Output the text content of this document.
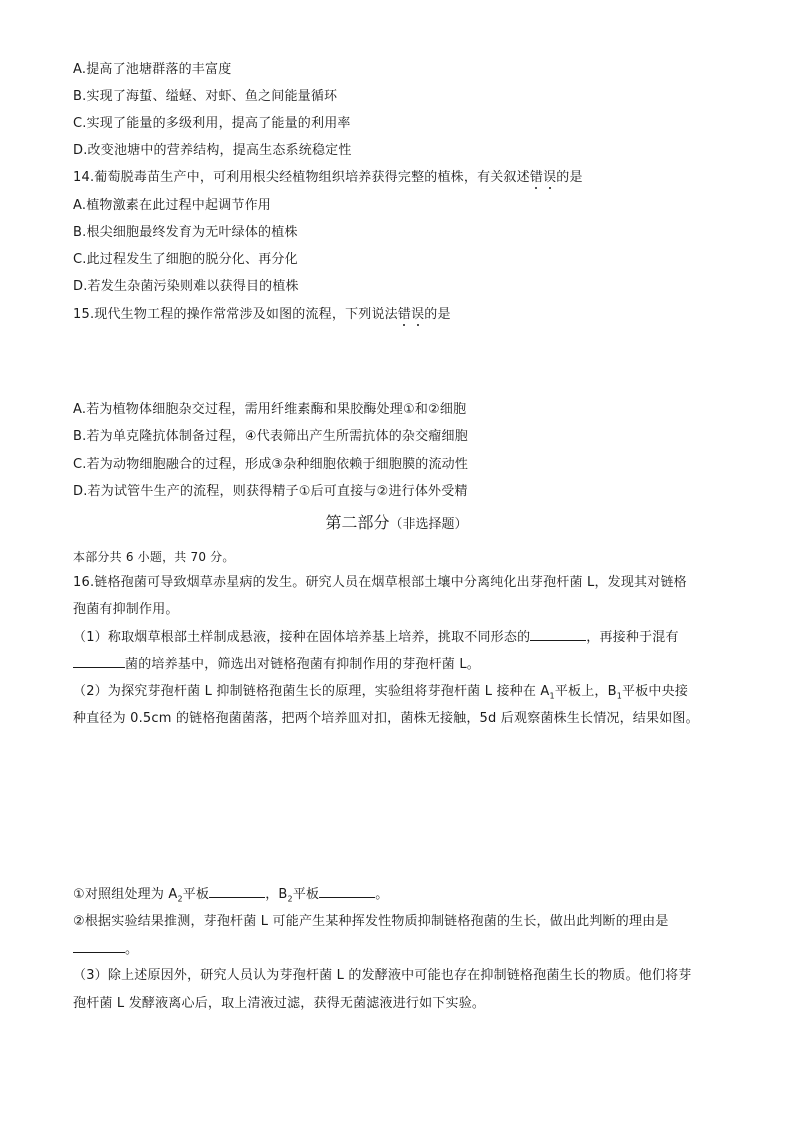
A.提高了池塘群落的丰富度
B.实现了海蜇、缢蛏、对虾、鱼之间能量循环
C.实现了能量的多级利用，提高了能量的利用率
D.改变池塘中的营养结构，提高生态系统稳定性
14.葡萄脱毒苗生产中，可利用根尖经植物组织培养获得完整的植株，有关叙述错误的是
A.植物激素在此过程中起调节作用
B.根尖细胞最终发育为无叶绿体的植株
C.此过程发生了细胞的脱分化、再分化
D.若发生杂菌污染则难以获得目的植株
15.现代生物工程的操作常常涉及如图的流程，下列说法错误的是
A.若为植物体细胞杂交过程，需用纤维素酶和果胶酶处理①和②细胞
B.若为单克隆抗体制备过程，④代表筛出产生所需抗体的杂交瘤细胞
C.若为动物细胞融合的过程，形成③杂种细胞依赖于细胞膜的流动性
D.若为试管牛生产的流程，则获得精子①后可直接与②进行体外受精
第二部分（非选择题）
本部分共 6 小题，共 70 分。
16.链格孢菌可导致烟草赤星病的发生。研究人员在烟草根部土壤中分离纯化出芽孢杆菌 L，发现其对链格
孢菌有抑制作用。
（1）称取烟草根部土样制成悬液，接种在固体培养基上培养，挑取不同形态的	，再接种于混有
菌的培养基中，筛选出对链格孢菌有抑制作用的芽孢杆菌 L。
（2）为探究芽孢杆菌 L 抑制链格孢菌生长的原理，实验组将芽孢杆菌 L 接种在 $A_1$平板上，$B_1$平板中央接
种直径为 0.5cm 的链格孢菌菌落，把两个培养皿对扣，菌株无接触，5d 后观察菌株生长情况，结果如图。
①对照组处理为 $A_2$平板	，$B_2$平板	。
②根据实验结果推测，芽孢杆菌 L 可能产生某种挥发性物质抑制链格孢菌的生长，做出此判断的理由是
。
（3）除上述原因外，研究人员认为芽孢杆菌 L 的发酵液中可能也存在抑制链格孢菌生长的物质。他们将芽
孢杆菌 L 发酵液离心后，取上清液过滤，获得无菌滤液进行如下实验。
